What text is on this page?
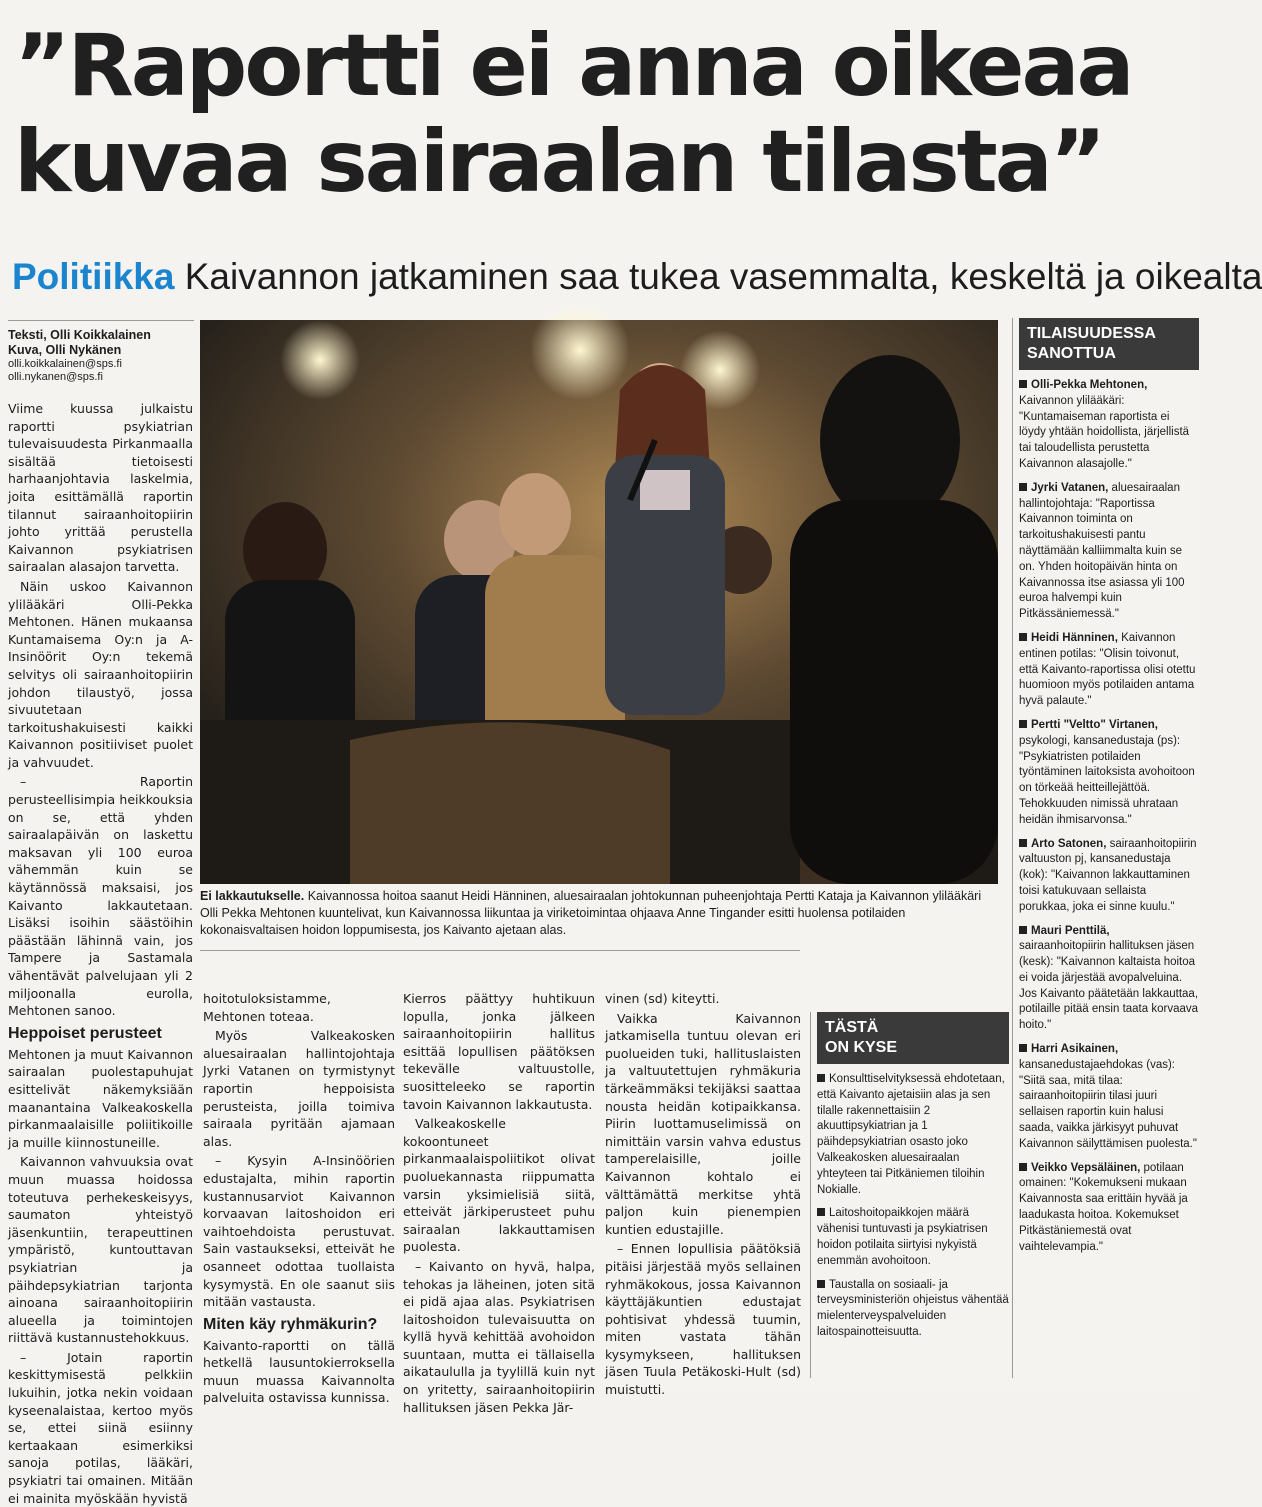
”Raportti ei anna oikeaa
kuvaa sairaalan tilasta”
Politiikka Kaivannon jatkaminen saa tukea vasemmalta, keskeltä ja oikealta
Teksti, Olli Koikkalainen
Kuva, Olli Nykänen
olli.koikkalainen@sps.fi
olli.nykanen@sps.fi

Viime kuussa julkaistu raportti psykiatrian tulevaisuudesta Pirkanmaalla sisältää tietoisesti harhaanjohtavia laskelmia, joita esittämällä raportin tilannut sairaanhoitopiirin johto yrittää perustella Kaivannon psykiatrisen sairaalan alasajon tarvetta.

Näin uskoo Kaivannon ylilääkäri Olli-Pekka Mehtonen. Hänen mukaansa Kuntamaisema Oy:n ja A-Insinöörit Oy:n tekemä selvitys oli sairaanhoitopiirin johdon tilaustyö, jossa sivuutetaan tarkoitushakuisesti kaikki Kaivannon positiiviset puolet ja vahvuudet.

– Raportin perusteellisimpia heikkouksia on se, että yhden sairaalapäivän on laskettu maksavan yli 100 euroa vähemmän kuin se käytännössä maksaisi, jos Kaivanto lakkautetaan. Lisäksi isoihin säästöihin päästään lähinnä vain, jos Tampere ja Sastamala vähentävät palvelujaan yli 2 miljoonalla eurolla, Mehtonen sanoo.

Heppoiset perusteet

Mehtonen ja muut Kaivannon sairaalan puolestapuhujat esittelivät näkemyksiään maanantaina Valkeakoskella pirkanmaalaisille poliitikoille ja muille kiinnostuneille.

Kaivannon vahvuuksia ovat muun muassa hoidossa toteutuva perhekeskeisyys, saumaton yhteistyö jäsenkuntiin, terapeuttinen ympäristö, kuntouttavan psykiatrian ja päihdepsykiatrian tarjonta ainoana sairaanhoitopiirin alueella ja toimintojen riittävä kustannustehokkuus.

– Jotain raportin keskittymisestä pelkkiin lukuihin, jotka nekin voidaan kyseenalaistaa, kertoo myös se, ettei siinä esiinny kertaakaan esimerkiksi sanoja potilas, lääkäri, psykiatri tai omainen. Mitään ei mainita myöskään hyvistä

Ei lakkautukselle. Kaivannossa hoitoa saanut Heidi Hänninen, aluesairaalan johtokunnan puheenjohtaja Pertti Kataja ja Kaivannon ylilääkäri Olli Pekka Mehtonen kuuntelivat, kun Kaivannossa liikuntaa ja viriketoimintaa ohjaava Anne Tingander esitti huolensa potilaiden kokonaisvaltaisen hoidon loppumisesta, jos Kaivanto ajetaan alas.

hoitotuloksistamme, Mehtonen toteaa.

Myös Valkeakosken aluesairaalan hallintojohtaja Jyrki Vatanen on tyrmistynyt raportin heppoisista perusteista, joilla toimiva sairaala pyritään ajamaan alas.

– Kysyin A-Insinöörien edustajalta, mihin raportin kustannusarviot Kaivannon korvaavan laitoshoidon eri vaihtoehdoista perustuvat. Sain vastaukseksi, etteivät he osanneet odottaa tuollaista kysymystä. En ole saanut siis mitään vastausta.

Miten käy ryhmäkurin?

Kaivanto-raportti on tällä hetkellä lausuntokierroksella muun muassa Kaivannolta palveluita ostavissa kunnissa.

Kierros päättyy huhtikuun lopulla, jonka jälkeen sairaanhoitopiirin hallitus esittää lopullisen päätöksen tekevälle valtuustolle, suositteleeko se raportin tavoin Kaivannon lakkautusta.

Valkeakoskelle kokoontuneet pirkanmaalaispoliitikot olivat puoluekannasta riippumatta varsin yksimielisiä siitä, etteivät järkiperusteet puhu sairaalan lakkauttamisen puolesta.

– Kaivanto on hyvä, halpa, tehokas ja läheinen, joten sitä ei pidä ajaa alas. Psykiatrisen laitoshoidon tulevaisuutta on kyllä hyvä kehittää avohoidon suuntaan, mutta ei tällaisella aikataululla ja tyylillä kuin nyt on yritetty, sairaanhoitopiirin hallituksen jäsen Pekka Jär-

vinen (sd) kiteytti.

Vaikka Kaivannon jatkamisella tuntuu olevan eri puolueiden tuki, hallituslaisten ja valtuutettujen ryhmäkuria tärkeämmäksi tekijäksi saattaa nousta heidän kotipaikkansa. Piirin luottamuselimissä on nimittäin varsin vahva edustus tamperelaisille, joille Kaivannon kohtalo ei välttämättä merkitse yhtä paljon kuin pienempien kuntien edustajille.

– Ennen lopullisia päätöksiä pitäisi järjestää myös sellainen ryhmäkokous, jossa Kaivannon käyttäjäkuntien edustajat pohtisivat yhdessä tuumin, miten vastata tähän kysymykseen, hallituksen jäsen Tuula Petäkoski-Hult (sd) muistutti.

TÄSTÄ
ON KYSE
Konsulttiselvityksessä ehdotetaan, että Kaivanto ajetaisiin alas ja sen tilalle rakennettaisiin 2 akuuttipsykiatrian ja 1 päihdepsykiatrian osasto joko Valkeakosken aluesairaalan yhteyteen tai Pitkäniemen tiloihin Nokialle.
Laitoshoitopaikkojen määrä vähenisi tuntuvasti ja psykiatrisen hoidon potilaita siirtyisi nykyistä enemmän avohoitoon.
Taustalla on sosiaali- ja terveysministeriön ohjeistus vähentää mielenterveyspalveluiden laitospainotteisuutta.
TILAISUUDESSA
SANOTTUA
Olli-Pekka Mehtonen, Kaivannon ylilääkäri: "Kuntamaiseman raportista ei löydy yhtään hoidollista, järjellistä tai taloudellista perustetta Kaivannon alasajolle."
Jyrki Vatanen, aluesairaalan hallintojohtaja: "Raportissa Kaivannon toiminta on tarkoitushakuisesti pantu näyttämään kalliimmalta kuin se on. Yhden hoitopäivän hinta on Kaivannossa itse asiassa yli 100 euroa halvempi kuin Pitkässäniemessä."
Heidi Hänninen, Kaivannon entinen potilas: "Olisin toivonut, että Kaivanto-raportissa olisi otettu huomioon myös potilaiden antama hyvä palaute."
Pertti "Veltto" Virtanen, psykologi, kansanedustaja (ps): "Psykiatristen potilaiden työntäminen laitoksista avohoitoon on törkeää heitteillejättöä. Tehokkuuden nimissä uhrataan heidän ihmisarvonsa."
Arto Satonen, sairaanhoitopiirin valtuuston pj, kansanedustaja (kok): "Kaivannon lakkauttaminen toisi katukuvaan sellaista porukkaa, joka ei sinne kuulu."
Mauri Penttilä, sairaanhoitopiirin hallituksen jäsen (kesk): "Kaivannon kaltaista hoitoa ei voida järjestää avopalveluina. Jos Kaivanto päätetään lakkauttaa, potilaille pitää ensin taata korvaava hoito."
Harri Asikainen, kansanedustajaehdokas (vas): "Siitä saa, mitä tilaa: sairaanhoitopiirin tilasi juuri sellaisen raportin kuin halusi saada, vaikka järkisyyt puhuvat Kaivannon säilyttämisen puolesta."
Veikko Vepsäläinen, potilaan omainen: "Kokemukseni mukaan Kaivannosta saa erittäin hyvää ja laadukasta hoitoa. Kokemukset Pitkästäniemestä ovat vaihtelevampia."
